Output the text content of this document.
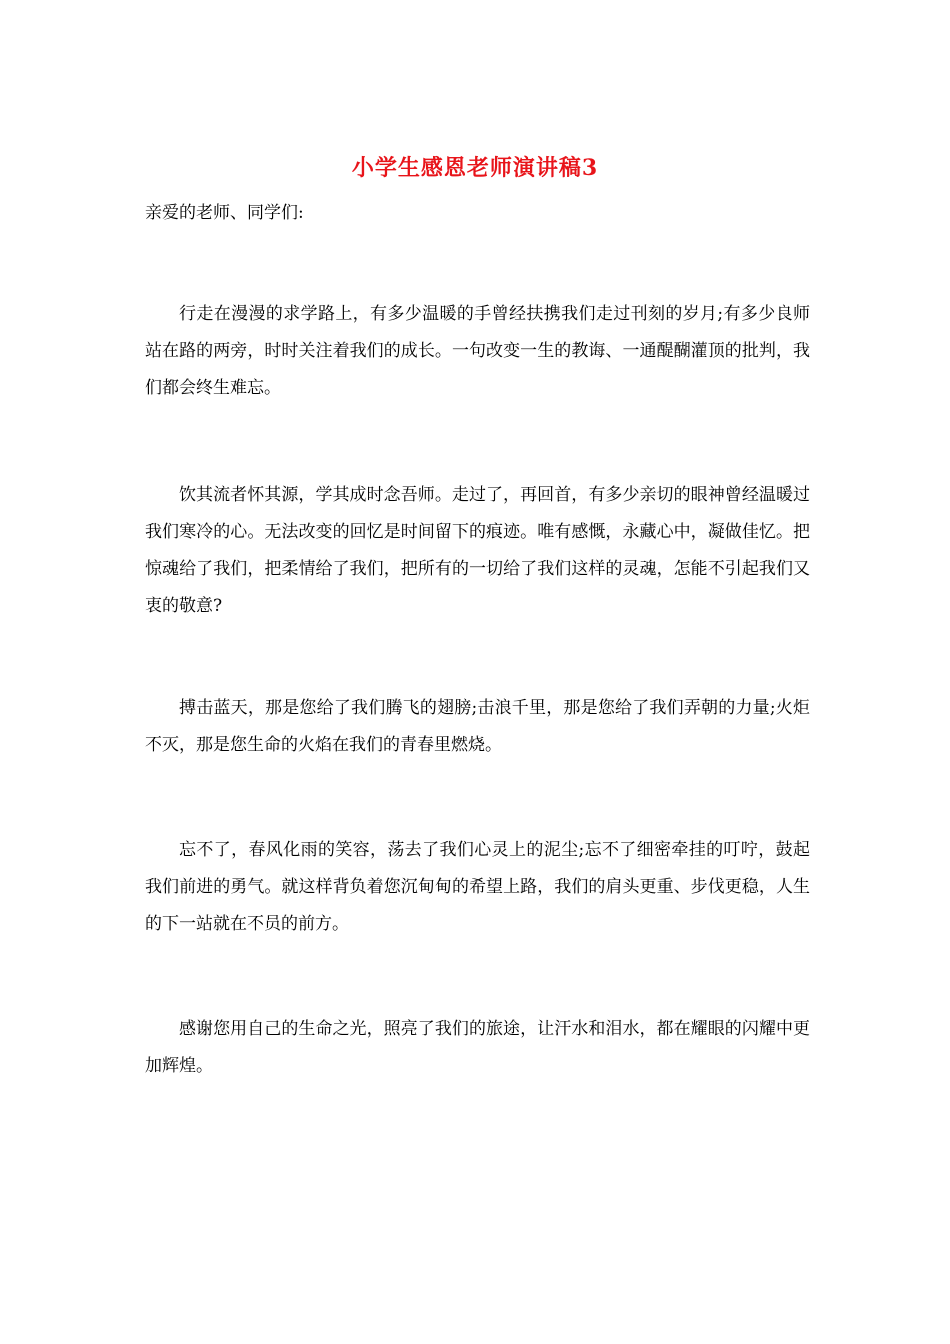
小学生感恩老师演讲稿3
亲爱的老师、同学们:

行走在漫漫的求学路上，有多少温暖的手曾经扶携我们走过刊刻的岁月;有多少良师站在路的两旁，时时关注着我们的成长。一句改变一生的教诲、一通醍醐灌顶的批判，我们都会终生难忘。

饮其流者怀其源，学其成时念吾师。走过了，再回首，有多少亲切的眼神曾经温暖过我们寒冷的心。无法改变的回忆是时间留下的痕迹。唯有感慨，永藏心中，凝做佳忆。把惊魂给了我们，把柔情给了我们，把所有的一切给了我们这样的灵魂，怎能不引起我们又衷的敬意?

搏击蓝天，那是您给了我们腾飞的翅膀;击浪千里，那是您给了我们弄朝的力量;火炬不灭，那是您生命的火焰在我们的青春里燃烧。

忘不了，春风化雨的笑容，荡去了我们心灵上的泥尘;忘不了细密牵挂的叮咛，鼓起我们前进的勇气。就这样背负着您沉甸甸的希望上路，我们的肩头更重、步伐更稳，人生的下一站就在不员的前方。

感谢您用自己的生命之光，照亮了我们的旅途，让汗水和泪水，都在耀眼的闪耀中更加辉煌。
